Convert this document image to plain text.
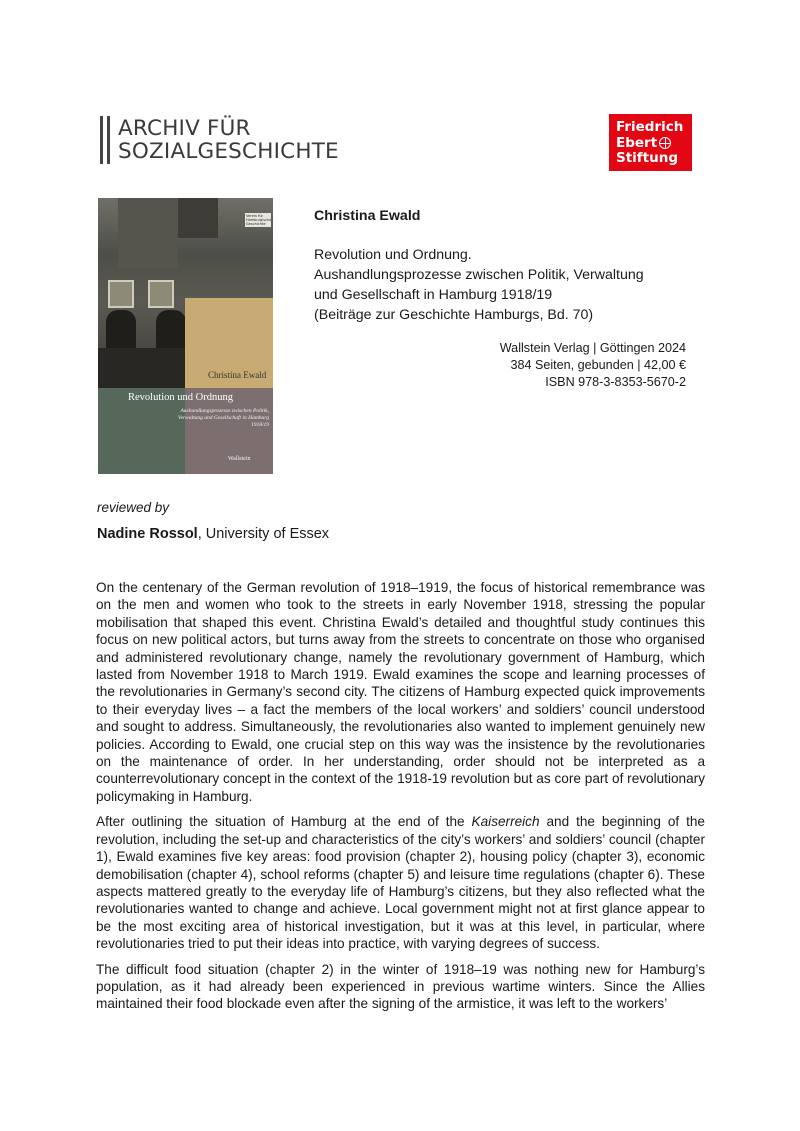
ARCHIV FÜR
SOZIALGESCHICHTE
Friedrich
Ebert
Stiftung
Verein für Hamburgische Geschichte
Christina Ewald
Revolution und Ordnung
Aushandlungsprozesse zwischen Politik,
Verwaltung und Gesellschaft in Hamburg
1918/19
Wallstein
Christina Ewald
Revolution und Ordnung.
Aushandlungsprozesse zwischen Politik, Verwaltung
und Gesellschaft in Hamburg 1918/19
(Beiträge zur Geschichte Hamburgs, Bd. 70)
Wallstein Verlag | Göttingen 2024
384 Seiten, gebunden | 42,00 €
ISBN 978-3-8353-5670-2
reviewed by
Nadine Rossol, University of Essex

On the centenary of the German revolution of 1918–1919, the focus of historical remembrance was on the men and women who took to the streets in early November 1918, stressing the popular mobilisation that shaped this event. Christina Ewald’s detailed and thoughtful study continues this focus on new political actors, but turns away from the streets to concentrate on those who organised and administered revolutionary change, namely the revolutionary government of Hamburg, which lasted from November 1918 to March 1919. Ewald examines the scope and learning processes of the revolutionaries in Germany’s second city. The citizens of Hamburg expected quick improvements to their everyday lives – a fact the members of the local workers’ and soldiers’ council understood and sought to address. Simultaneously, the revolutionaries also wanted to implement genuinely new policies. According to Ewald, one crucial step on this way was the insistence by the revolutionaries on the maintenance of order. In her understanding, order should not be interpreted as a counterrevolutionary concept in the context of the 1918-19 revolution but as core part of revolutionary policymaking in Hamburg.

After outlining the situation of Hamburg at the end of the Kaiserreich and the beginning of the revolution, including the set-up and characteristics of the city’s workers’ and soldiers’ council (chapter 1), Ewald examines five key areas: food provision (chapter 2), housing policy (chapter 3), economic demobilisation (chapter 4), school reforms (chapter 5) and leisure time regulations (chapter 6). These aspects mattered greatly to the everyday life of Hamburg’s citizens, but they also reflected what the revolutionaries wanted to change and achieve. Local government might not at first glance appear to be the most exciting area of historical investigation, but it was at this level, in particular, where revolutionaries tried to put their ideas into practice, with varying degrees of success.

The difficult food situation (chapter 2) in the winter of 1918–19 was nothing new for Hamburg’s population, as it had already been experienced in previous wartime winters. Since the Allies maintained their food blockade even after the signing of the armistice, it was left to the workers’
